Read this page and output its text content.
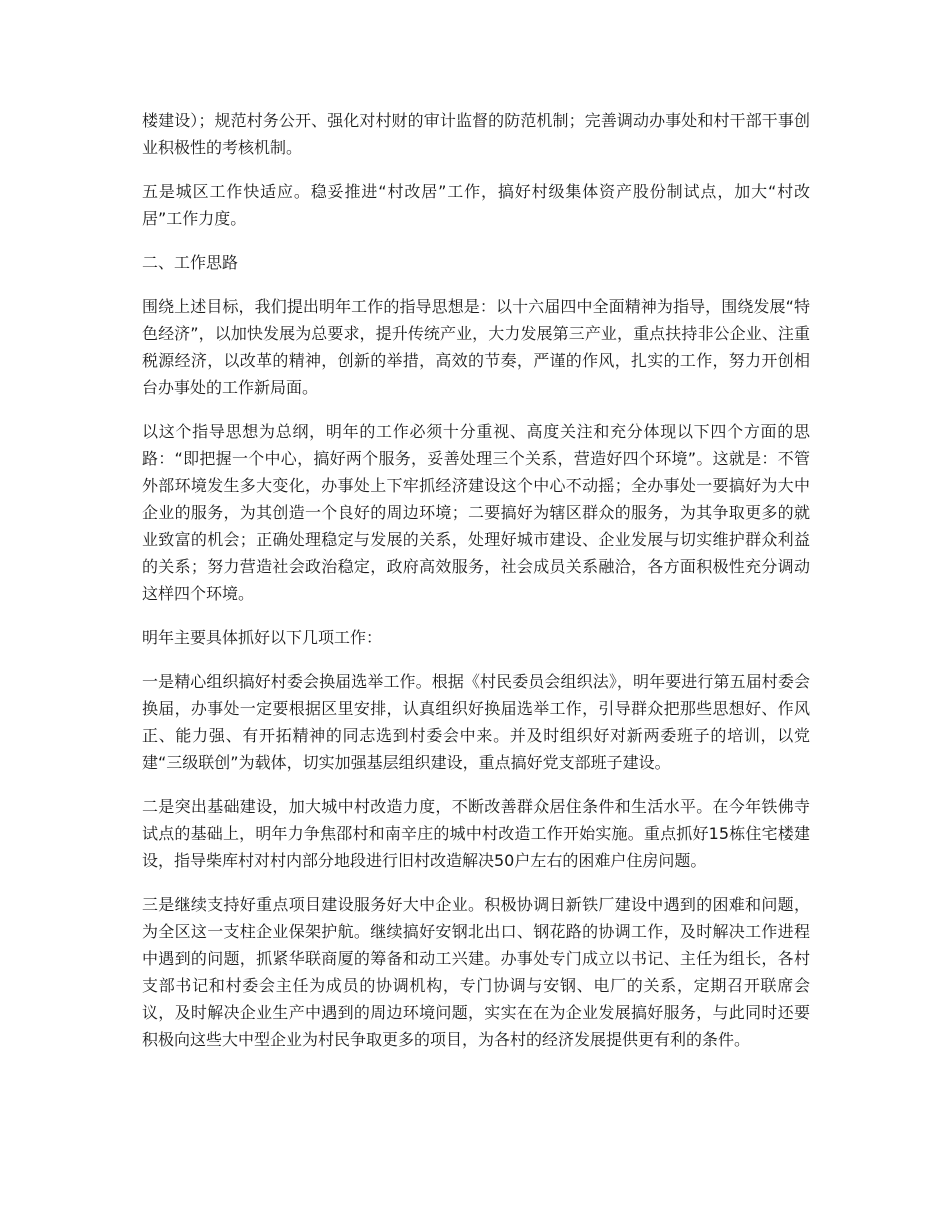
楼建设）；规范村务公开、强化对村财的审计监督的防范机制；完善调动办事处和村干部干事创业积极性的考核机制。

五是城区工作快适应。稳妥推进“村改居”工作，搞好村级集体资产股份制试点，加大“村改居”工作力度。

二、工作思路

围绕上述目标，我们提出明年工作的指导思想是：以十六届四中全面精神为指导，围绕发展“特色经济”，以加快发展为总要求，提升传统产业，大力发展第三产业，重点扶持非公企业、注重税源经济，以改革的精神，创新的举措，高效的节奏，严谨的作风，扎实的工作，努力开创相台办事处的工作新局面。

以这个指导思想为总纲，明年的工作必须十分重视、高度关注和充分体现以下四个方面的思路：“即把握一个中心，搞好两个服务，妥善处理三个关系，营造好四个环境”。这就是：不管外部环境发生多大变化，办事处上下牢抓经济建设这个中心不动摇；全办事处一要搞好为大中企业的服务，为其创造一个良好的周边环境；二要搞好为辖区群众的服务，为其争取更多的就业致富的机会；正确处理稳定与发展的关系，处理好城市建设、企业发展与切实维护群众利益的关系；努力营造社会政治稳定，政府高效服务，社会成员关系融洽，各方面积极性充分调动这样四个环境。

明年主要具体抓好以下几项工作：

一是精心组织搞好村委会换届选举工作。根据《村民委员会组织法》，明年要进行第五届村委会换届，办事处一定要根据区里安排，认真组织好换届选举工作，引导群众把那些思想好、作风正、能力强、有开拓精神的同志选到村委会中来。并及时组织好对新两委班子的培训，以党建“三级联创”为载体，切实加强基层组织建设，重点搞好党支部班子建设。

二是突出基础建设，加大城中村改造力度，不断改善群众居住条件和生活水平。在今年铁佛寺试点的基础上，明年力争焦邵村和南辛庄的城中村改造工作开始实施。重点抓好15栋住宅楼建设，指导柴库村对村内部分地段进行旧村改造解决50户左右的困难户住房问题。

三是继续支持好重点项目建设服务好大中企业。积极协调日新铁厂建设中遇到的困难和问题，为全区这一支柱企业保架护航。继续搞好安钢北出口、钢花路的协调工作，及时解决工作进程中遇到的问题，抓紧华联商厦的筹备和动工兴建。办事处专门成立以书记、主任为组长，各村支部书记和村委会主任为成员的协调机构，专门协调与安钢、电厂的关系，定期召开联席会议，及时解决企业生产中遇到的周边环境问题，实实在在为企业发展搞好服务，与此同时还要积极向这些大中型企业为村民争取更多的项目，为各村的经济发展提供更有利的条件。
